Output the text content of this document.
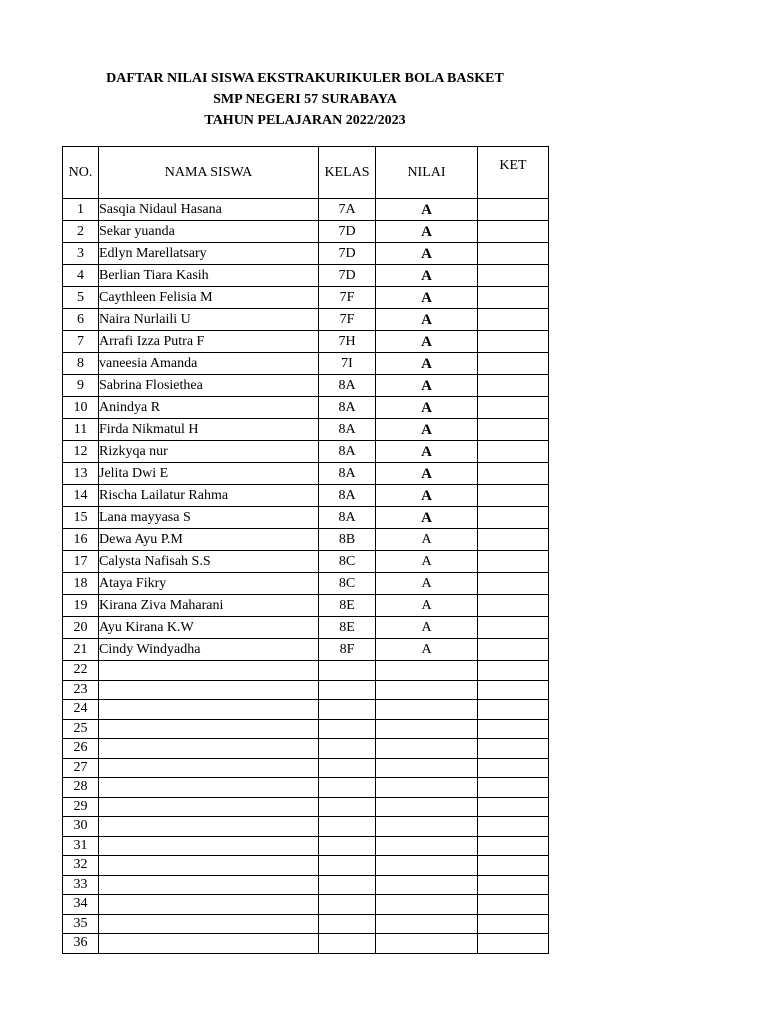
DAFTAR NILAI SISWA EKSTRAKURIKULER BOLA BASKET
SMP NEGERI 57 SURABAYA
TAHUN PELAJARAN 2022/2023
NO.	NAMA SISWA	KELAS	NILAI	KET
1	Sasqia Nidaul Hasana	7A	A	
2	Sekar yuanda	7D	A	
3	Edlyn Marellatsary	7D	A	
4	Berlian Tiara Kasih	7D	A	
5	Caythleen Felisia M	7F	A	
6	Naira Nurlaili U	7F	A	
7	Arrafi Izza Putra F	7H	A	
8	vaneesia Amanda	7I	A	
9	Sabrina Flosiethea	8A	A	
10	Anindya R	8A	A	
11	Firda Nikmatul H	8A	A	
12	Rizkyqa nur	8A	A	
13	Jelita Dwi E	8A	A	
14	Rischa Lailatur Rahma	8A	A	
15	Lana mayyasa S	8A	A	
16	Dewa Ayu P.M	8B	A	
17	Calysta Nafisah S.S	8C	A	
18	Ataya Fikry	8C	A	
19	Kirana Ziva Maharani	8E	A	
20	Ayu Kirana K.W	8E	A	
21	Cindy Windyadha	8F	A	
22				
23				
24				
25				
26				
27				
28				
29				
30				
31				
32				
33				
34				
35				
36				
